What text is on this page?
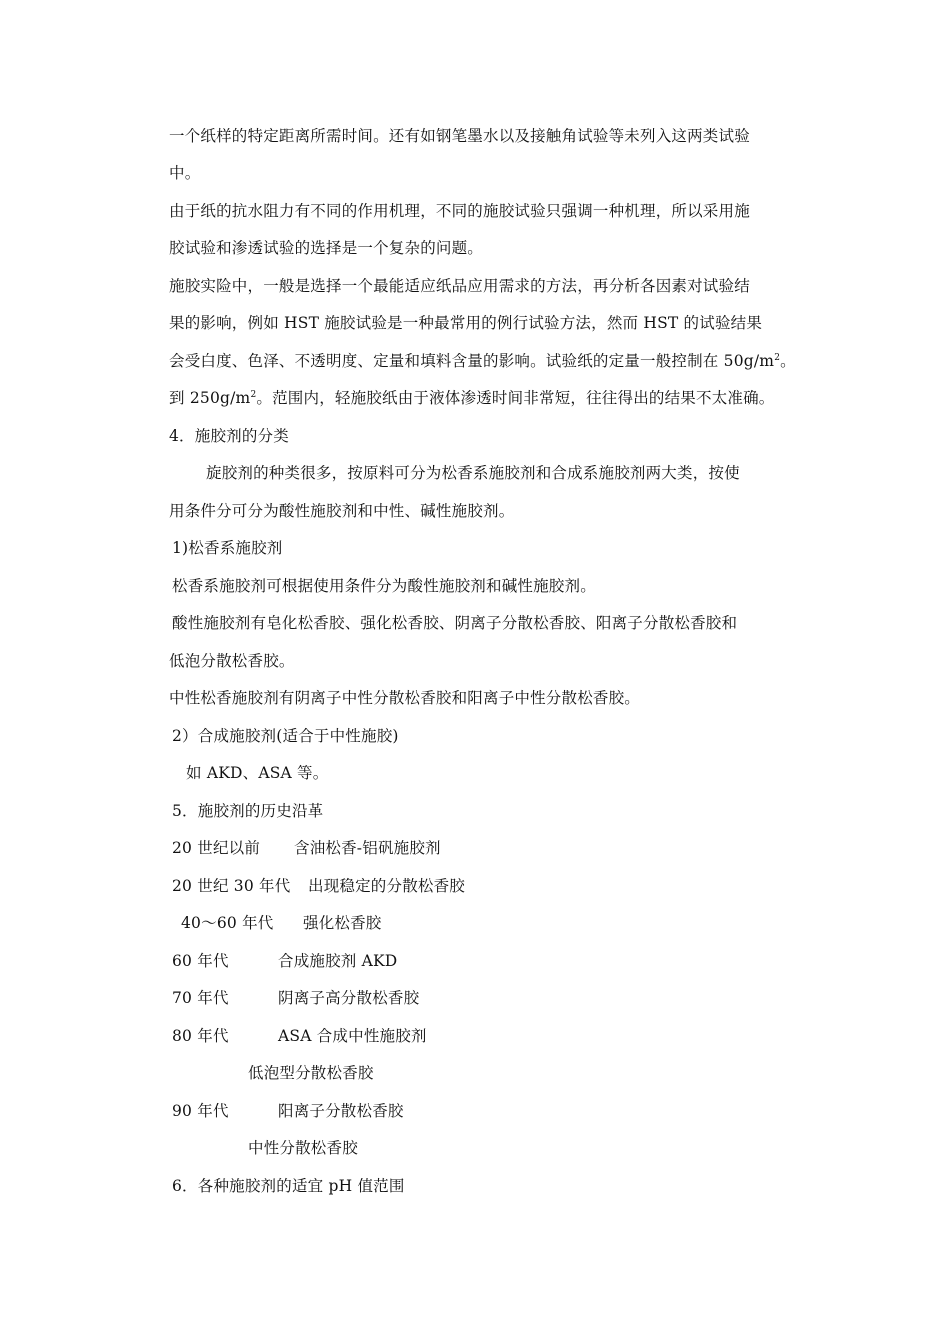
一个纸样的特定距离所需时间。还有如钢笔墨水以及接触角试验等未列入这两类试验
中。
由于纸的抗水阻力有不同的作用机理，不同的施胶试验只强调一种机理，所以采用施
胶试验和渗透试验的选择是一个复杂的问题。
施胶实险中，一般是选择一个最能适应纸品应用需求的方法，再分析各因素对试验结
果的影响，例如 HST 施胶试验是一种最常用的例行试验方法，然而 HST 的试验结果
会受白度、色泽、不透明度、定量和填料含量的影响。试验纸的定量一般控制在 $50g/m^2$。
到 $250g/m^2$。范围内，轻施胶纸由于液体渗透时间非常短，往往得出的结果不太准确。
4．施胶剂的分类
旋胶剂的种类很多，按原料可分为松香系施胶剂和合成系施胶剂两大类，按使
用条件分可分为酸性施胶剂和中性、碱性施胶剂。
1)松香系施胶剂
松香系施胶剂可根据使用条件分为酸性施胶剂和碱性施胶剂。
酸性施胶剂有皂化松香胶、强化松香胶、阴离子分散松香胶、阳离子分散松香胶和
低泡分散松香胶。
中性松香施胶剂有阴离子中性分散松香胶和阳离子中性分散松香胶。
2）合成施胶剂(适合于中性施胶)
如 AKD、ASA 等。
5．施胶剂的历史沿革
20 世纪以前 含油松香-铝矾施胶剂
20 世纪 30 年代 出现稳定的分散松香胶
40～60 年代 强化松香胶
60 年代	合成施胶剂 AKD
70 年代	阴离子高分散松香胶
80 年代	ASA 合成中性施胶剂
低泡型分散松香胶
90 年代	阳离子分散松香胶
中性分散松香胶
6．各种施胶剂的适宜 pH 值范围
